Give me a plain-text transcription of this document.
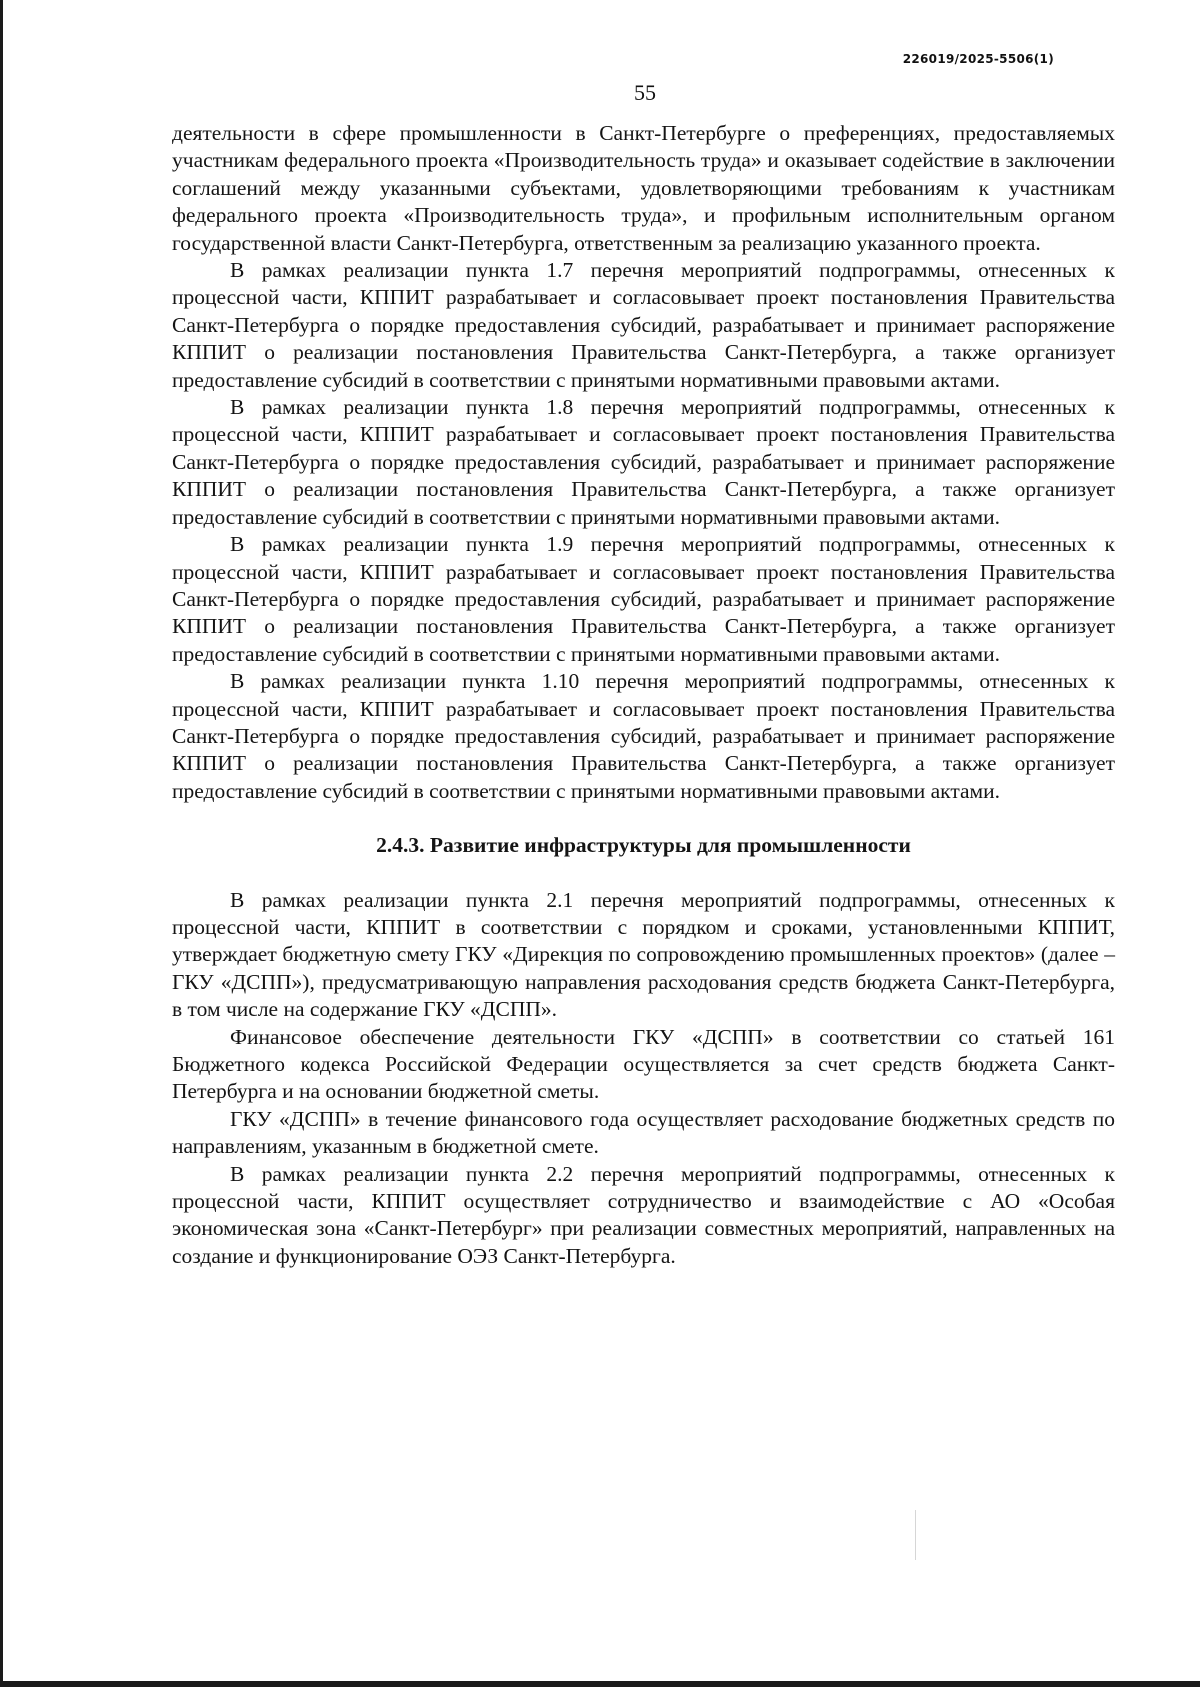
226019/2025-5506(1)
55

деятельности в сфере промышленности в Санкт-Петербурге о преференциях, предоставляемых участникам федерального проекта «Производительность труда» и оказывает содействие в заключении соглашений между указанными субъектами, удовлетворяющими требованиям к участникам федерального проекта «Производительность труда», и профильным исполнительным органом государственной власти Санкт-Петербурга, ответственным за реализацию указанного проекта.

В рамках реализации пункта 1.7 перечня мероприятий подпрограммы, отнесенных к процессной части, КППИТ разрабатывает и согласовывает проект постановления Правительства Санкт-Петербурга о порядке предоставления субсидий, разрабатывает и принимает распоряжение КППИТ о реализации постановления Правительства Санкт-Петербурга, а также организует предоставление субсидий в соответствии с принятыми нормативными правовыми актами.

В рамках реализации пункта 1.8 перечня мероприятий подпрограммы, отнесенных к процессной части, КППИТ разрабатывает и согласовывает проект постановления Правительства Санкт-Петербурга о порядке предоставления субсидий, разрабатывает и принимает распоряжение КППИТ о реализации постановления Правительства Санкт-Петербурга, а также организует предоставление субсидий в соответствии с принятыми нормативными правовыми актами.

В рамках реализации пункта 1.9 перечня мероприятий подпрограммы, отнесенных к процессной части, КППИТ разрабатывает и согласовывает проект постановления Правительства Санкт-Петербурга о порядке предоставления субсидий, разрабатывает и принимает распоряжение КППИТ о реализации постановления Правительства Санкт-Петербурга, а также организует предоставление субсидий в соответствии с принятыми нормативными правовыми актами.

В рамках реализации пункта 1.10 перечня мероприятий подпрограммы, отнесенных к процессной части, КППИТ разрабатывает и согласовывает проект постановления Правительства Санкт-Петербурга о порядке предоставления субсидий, разрабатывает и принимает распоряжение КППИТ о реализации постановления Правительства Санкт-Петербурга, а также организует предоставление субсидий в соответствии с принятыми нормативными правовыми актами.

2.4.3. Развитие инфраструктуры для промышленности

В рамках реализации пункта 2.1 перечня мероприятий подпрограммы, отнесенных к процессной части, КППИТ в соответствии с порядком и сроками, установленными КППИТ, утверждает бюджетную смету ГКУ «Дирекция по сопровождению промышленных проектов» (далее – ГКУ «ДСПП»), предусматривающую направления расходования средств бюджета Санкт-Петербурга, в том числе на содержание ГКУ «ДСПП».

Финансовое обеспечение деятельности ГКУ «ДСПП» в соответствии со статьей 161 Бюджетного кодекса Российской Федерации осуществляется за счет средств бюджета Санкт-Петербурга и на основании бюджетной сметы.

ГКУ «ДСПП» в течение финансового года осуществляет расходование бюджетных средств по направлениям, указанным в бюджетной смете.

В рамках реализации пункта 2.2 перечня мероприятий подпрограммы, отнесенных к процессной части, КППИТ осуществляет сотрудничество и взаимодействие с АО «Особая экономическая зона «Санкт-Петербург» при реализации совместных мероприятий, направленных на создание и функционирование ОЭЗ Санкт-Петербурга.
